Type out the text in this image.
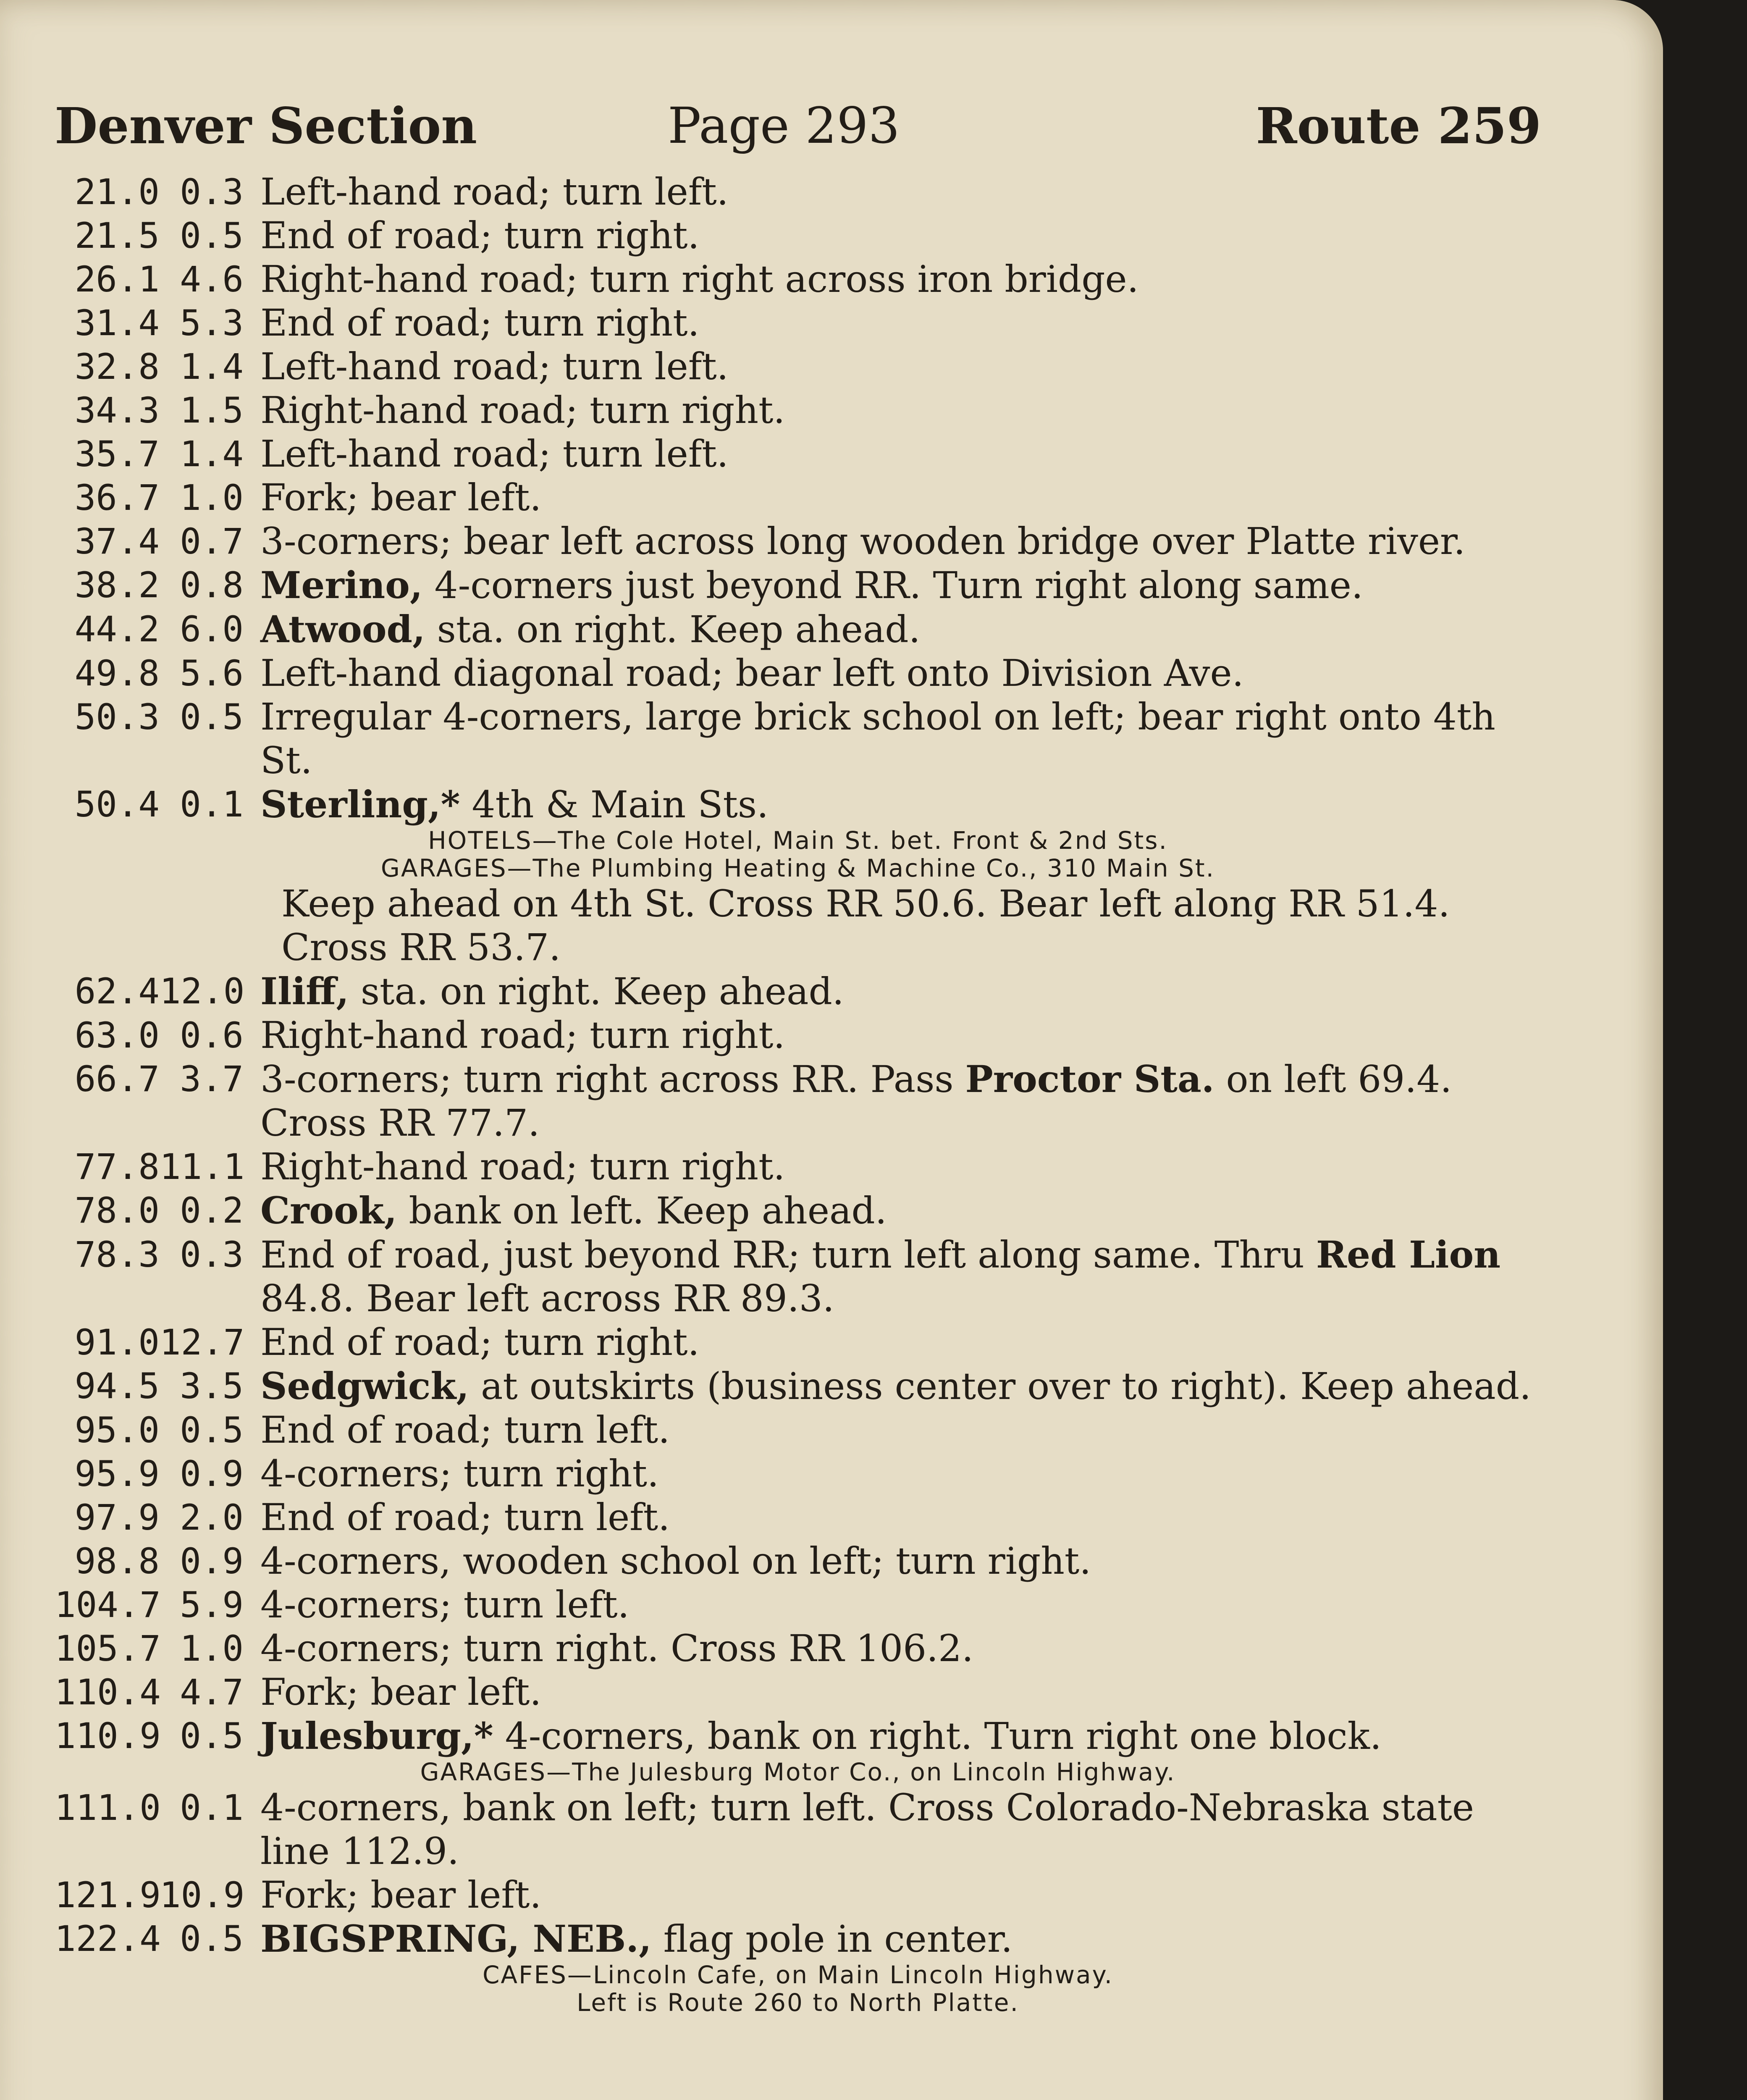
Denver Section	Page 293	Route 259
21.0 0.3 Left-hand road; turn left.
21.5 0.5 End of road; turn right.
26.1 4.6 Right-hand road; turn right across iron bridge.
31.4 5.3 End of road; turn right.
32.8 1.4 Left-hand road; turn left.
34.3 1.5 Right-hand road; turn right.
35.7 1.4 Left-hand road; turn left.
36.7 1.0 Fork; bear left.
37.4 0.7 3-corners; bear left across long wooden bridge over Platte river.
38.2 0.8 Merino, 4-corners just beyond RR. Turn right along same.
44.2 6.0 Atwood, sta. on right. Keep ahead.
49.8 5.6 Left-hand diagonal road; bear left onto Division Ave.
50.3 0.5 Irregular 4-corners, large brick school on left; bear right onto 4th St.
50.4 0.1 Sterling,* 4th & Main Sts.
HOTELS—The Cole Hotel, Main St. bet. Front & 2nd Sts.
GARAGES—The Plumbing Heating & Machine Co., 310 Main St.
Keep ahead on 4th St. Cross RR 50.6. Bear left along RR 51.4. Cross RR 53.7.
62.4 12.0 Iliff, sta. on right. Keep ahead.
63.0 0.6 Right-hand road; turn right.
66.7 3.7 3-corners; turn right across RR. Pass Proctor Sta. on left 69.4. Cross RR 77.7.
77.8 11.1 Right-hand road; turn right.
78.0 0.2 Crook, bank on left. Keep ahead.
78.3 0.3 End of road, just beyond RR; turn left along same. Thru Red Lion 84.8. Bear left across RR 89.3.
91.0 12.7 End of road; turn right.
94.5 3.5 Sedgwick, at outskirts (business center over to right). Keep ahead.
95.0 0.5 End of road; turn left.
95.9 0.9 4-corners; turn right.
97.9 2.0 End of road; turn left.
98.8 0.9 4-corners, wooden school on left; turn right.
104.7 5.9 4-corners; turn left.
105.7 1.0 4-corners; turn right. Cross RR 106.2.
110.4 4.7 Fork; bear left.
110.9 0.5 Julesburg,* 4-corners, bank on right. Turn right one block.
GARAGES—The Julesburg Motor Co., on Lincoln Highway.
111.0 0.1 4-corners, bank on left; turn left. Cross Colorado-Nebraska state line 112.9.
121.9
10.9 Fork; bear left.
122.4 0.5 BIGSPRING, NEB., flag pole in center.
CAFES—Lincoln Cafe, on Main Lincoln Highway.
Left is Route 260 to North Platte.
